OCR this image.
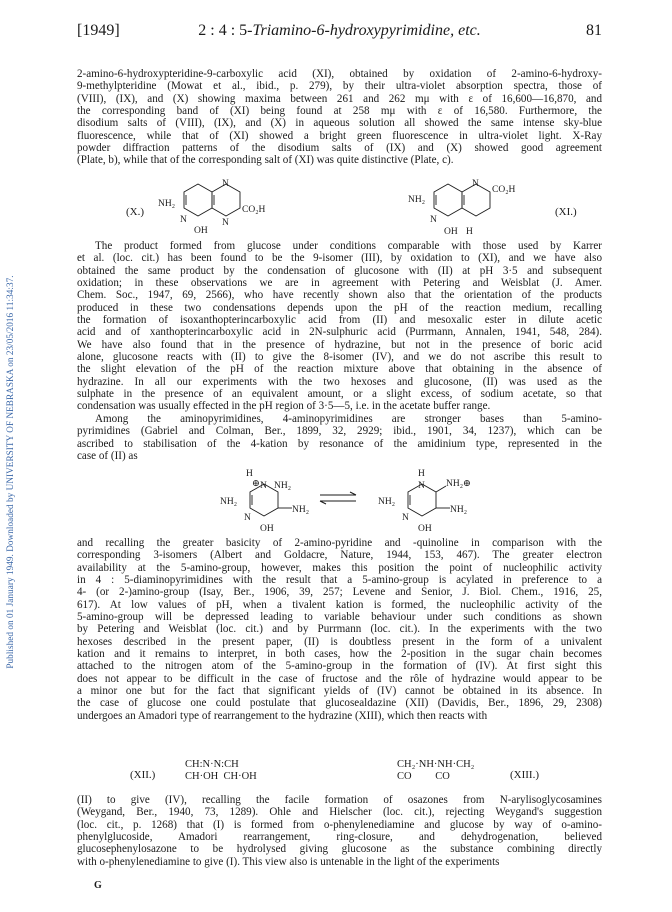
Published on 01 January 1949. Downloaded by UNIVERSITY OF NEBRASKA on 23/05/2016 11:34:37.
[1949]	2 : 4 : 5-Triamino-6-hydroxypyrimidine, etc.	81
2-amino-6-hydroxypteridine-9-carboxylic acid (XI), obtained by oxidation of 2-amino-6-hydroxy-
9-methylpteridine (Mowat et al., ibid., p. 279), by their ultra-violet absorption spectra, those of
(VIII), (IX), and (X) showing maxima between 261 and 262 mμ with ε of 16,600—16,870, and
the corresponding band of (XI) being found at 258 mμ with ε of 16,580. Furthermore, the
disodium salts of (VIII), (IX), and (X) in aqueous solution all showed the same intense sky-blue
fluorescence, while that of (XI) showed a bright green fluorescence in ultra-violet light. X-Ray
powder diffraction patterns of the disodium salts of (IX) and (X) showed good agreement
(Plate, b), while that of the corresponding salt of (XI) was quite distinctive (Plate, c).
(X.)
NH₂
N
OH
N
N
CO₂H
NH₂
N
OH H
N
CO₂H
(XI.)
The product formed from glucose under conditions comparable with those used by Karrer
et al. (loc. cit.) has been found to be the 9-isomer (III), by oxidation to (XI), and we have also
obtained the same product by the condensation of glucosone with (II) at pH 3·5 and subsequent
oxidation; in these observations we are in agreement with Petering and Weisblat (J. Amer.
Chem. Soc., 1947, 69, 2566), who have recently shown also that the orientation of the products
produced in these two condensations depends upon the pH of the reaction medium, recalling
the formation of isoxanthopterincarboxylic acid from (II) and mesoxalic ester in dilute acetic
acid and of xanthopterincarboxylic acid in 2N-sulphuric acid (Purrmann, Annalen, 1941, 548, 284).
We have also found that in the presence of hydrazine, but not in the presence of boric acid
alone, glucosone reacts with (II) to give the 8-isomer (IV), and we do not ascribe this result to
the slight elevation of the pH of the reaction mixture above that obtaining in the absence of
hydrazine. In all our experiments with the two hexoses and glucosone, (II) was used as the
sulphate in the presence of an equivalent amount, or a slight excess, of sodium acetate, so that
condensation was usually effected in the pH region of 3·5—5, i.e. in the acetate buffer range.
Among the aminopyrimidines, 4-aminopyrimidines are stronger bases than 5-amino-
pyrimidines (Gabriel and Colman, Ber., 1899, 32, 2929; ibid., 1901, 34, 1237), which can be
ascribed to stabilisation of the 4-kation by resonance of the amidinium type, represented in the
case of (II) as
H
⊕ N NH₂
NH₂
N
OH
NH₂
H
N NH₂⊕
NH₂
N
OH
NH₂
and recalling the greater basicity of 2-amino-pyridine and -quinoline in comparison with the
corresponding 3-isomers (Albert and Goldacre, Nature, 1944, 153, 467). The greater electron
availability at the 5-amino-group, however, makes this position the point of nucleophilic activity
in 4 : 5-diaminopyrimidines with the result that a 5-amino-group is acylated in preference to a
4- (or 2-)amino-group (Isay, Ber., 1906, 39, 257; Levene and Senior, J. Biol. Chem., 1916, 25,
617). At low values of pH, when a tivalent kation is formed, the nucleophilic activity of the
5-amino-group will be depressed leading to variable behaviour under such conditions as shown
by Petering and Weisblat (loc. cit.) and by Purrmann (loc. cit.). In the experiments with the two
hexoses described in the present paper, (II) is doubtless present in the form of a univalent
kation and it remains to interpret, in both cases, how the 2-position in the sugar chain becomes
attached to the nitrogen atom of the 5-amino-group in the formation of (IV). At first sight this
does not appear to be difficult in the case of fructose and the rôle of hydrazine would appear to be
a minor one but for the fact that significant yields of (IV) cannot be obtained in its absence. In
the case of glucose one could postulate that glucosealdazine (XII) (Davidis, Ber., 1896, 29, 2308)
undergoes an Amadori type of rearrangement to the hydrazine (XIII), which then reacts with
(XII.)
CH:N·N:CH
CH·OH  CH·OH
CH₂·NH·NH·CH₂
CO         CO	(XIII.)
(II) to give (IV), recalling the facile formation of osazones from N-arylisoglycosamines
(Weygand, Ber., 1940, 73, 1289). Ohle and Hielscher (loc. cit.), rejecting Weygand's suggestion
(loc. cit., p. 1268) that (I) is formed from o-phenylenediamine and glucose by way of o-amino-
phenylglucoside, Amadori rearrangement, ring-closure, and dehydrogenation, believed
glucosephenylosazone to be hydrolysed giving glucosone as the substance combining directly
with o-phenylenediamine to give (I). This view also is untenable in the light of the experiments
G
